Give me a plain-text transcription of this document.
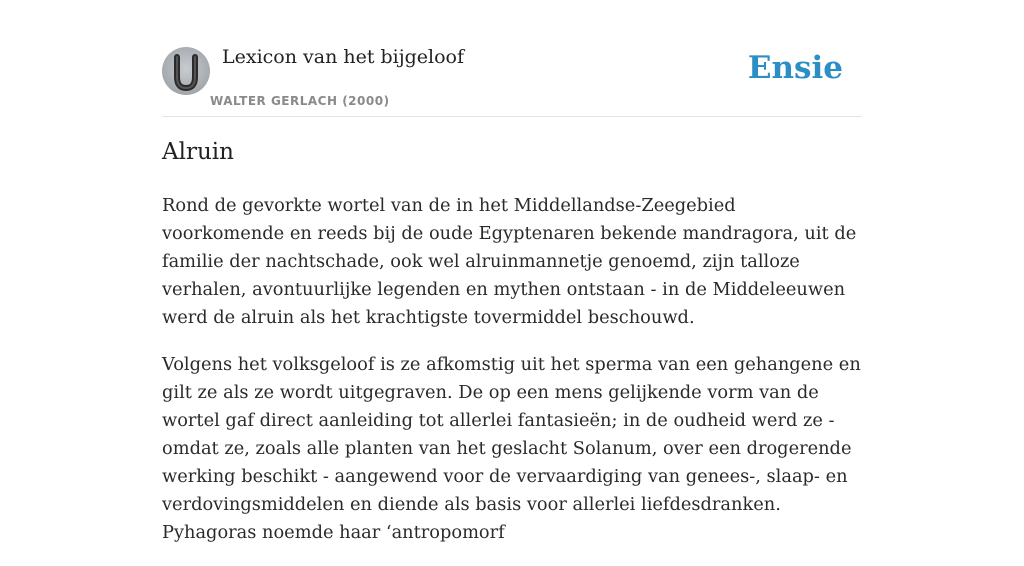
Lexicon van het bijgeloof
WALTER GERLACH (2000)
Ensie
Alruin

Rond de gevorkte wortel van de in het Middellandse-Zeegebied voorkomende en reeds bij de oude Egyptenaren bekende mandragora, uit de familie der nachtschade, ook wel alruinmannetje genoemd, zijn talloze verhalen, avontuurlijke legenden en mythen ontstaan - in de Middeleeuwen werd de alruin als het krachtigste tovermiddel beschouwd.

Volgens het volksgeloof is ze afkomstig uit het sperma van een gehangene en gilt ze als ze wordt uitgegraven. De op een mens gelijkende vorm van de wortel gaf direct aanleiding tot allerlei fantasieën; in de oudheid werd ze - omdat ze, zoals alle planten van het geslacht Solanum, over een drogerende werking beschikt - aangewend voor de vervaardiging van genees-, slaap- en verdovingsmiddelen en diende als basis voor allerlei liefdesdranken. Pyhagoras noemde haar ‘antropomorf
